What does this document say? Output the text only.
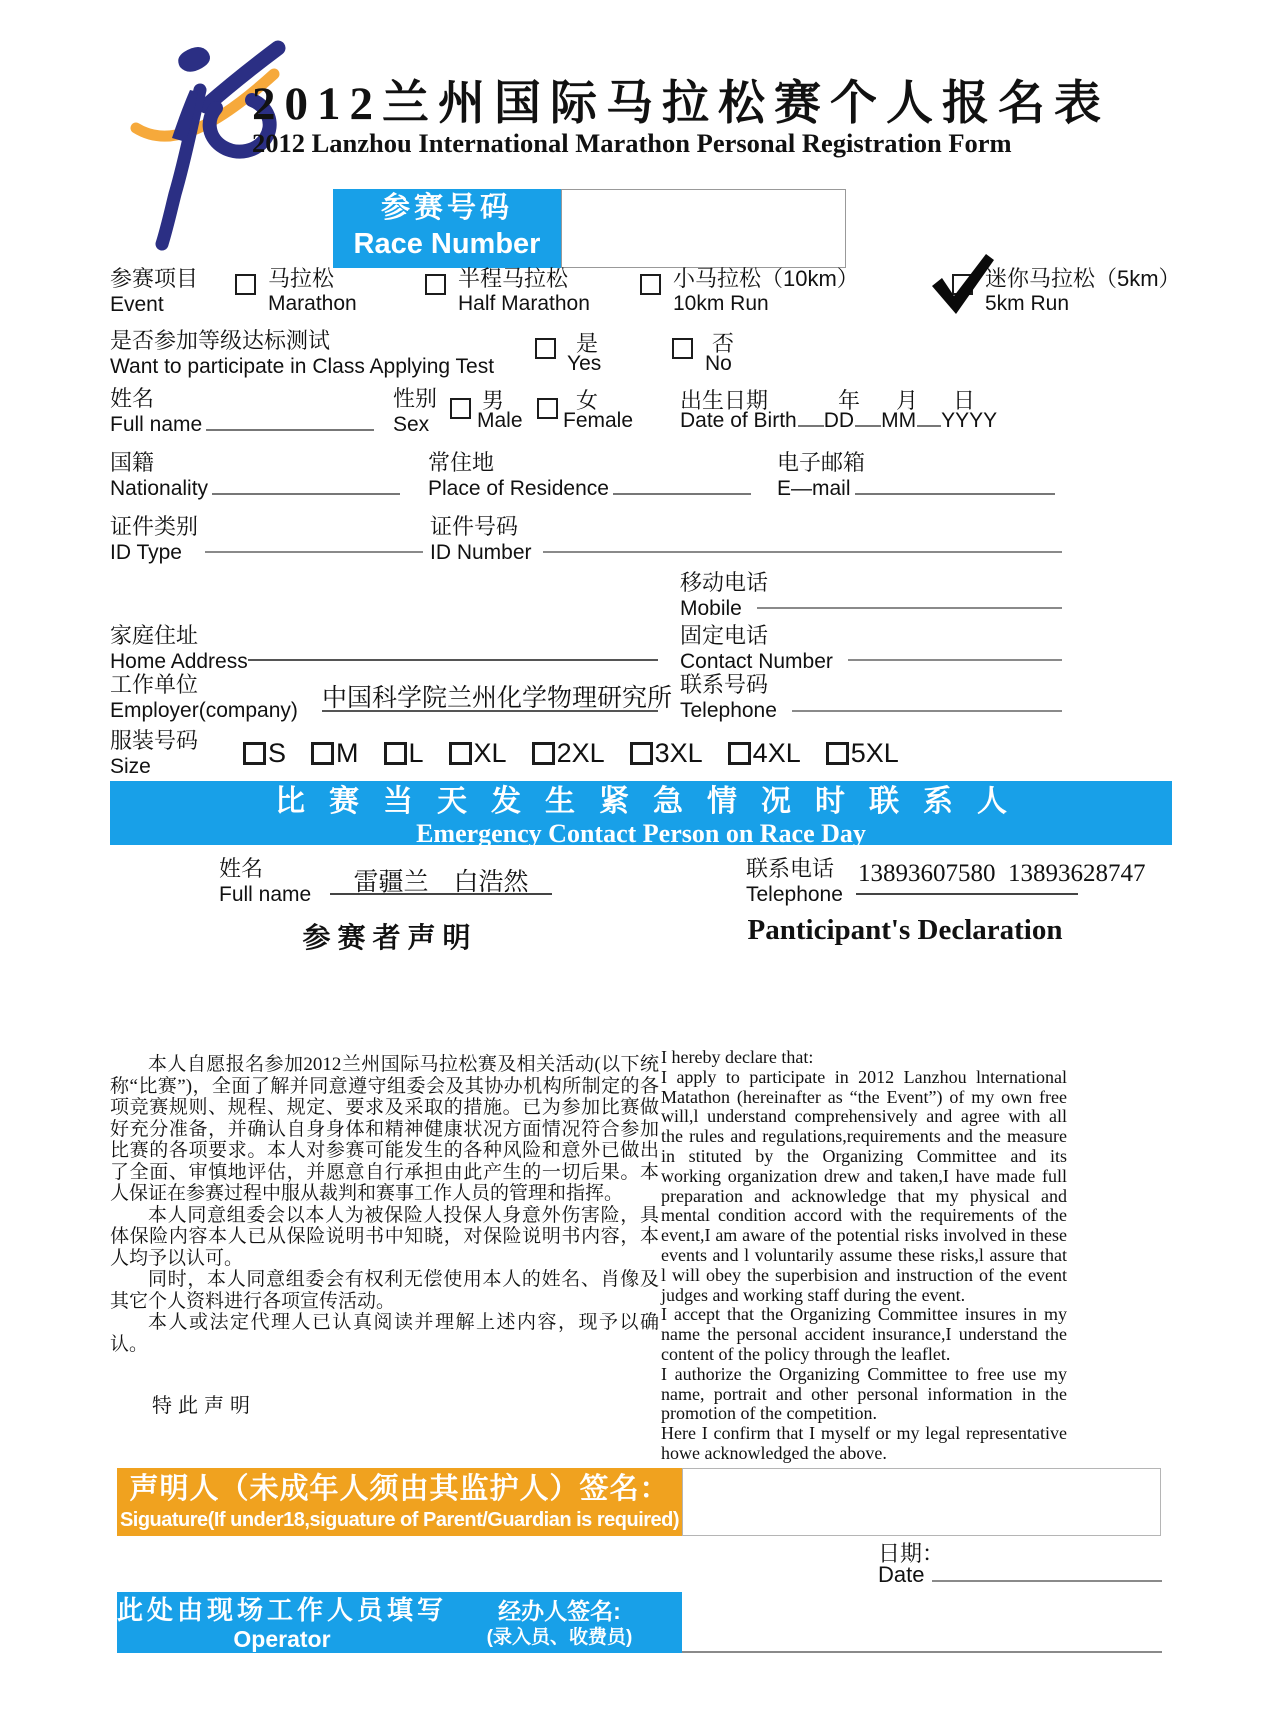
2012兰州国际马拉松赛个人报名表
2012 Lanzhou International Marathon Personal Registration Form
参赛号码
Race Number
参赛项目
Event
马拉松
Marathon
半程马拉松
Half Marathon
小马拉松（10km）
10km Run
迷你马拉松（5km）
5km Run
是否参加等级达标测试
Want to participate in Class Applying Test
是
Yes
否
No
姓名
Full name
性别
Sex
男
Male
女
Female
出生日期	年 月 日
Date of Birth DD MM YYYY
国籍
Nationality
常住地
Place of Residence
电子邮箱
E—mail
证件类别
ID Type
证件号码
ID Number
移动电话
Mobile
家庭住址
Home Address
固定电话
Contact Number
工作单位
Employer(company) 中国科学院兰州化学物理研究所
联系号码
Telephone
服装号码
Size	S M L XL 2XL 3XL 4XL 5XL
比赛当天发生紧急情况时联系人
Emergency Contact Person on Race Day
姓名
Full name	雷疆兰　白浩然
联系电话
Telephone
13893607580  13893628747
参赛者声明	Panticipant's Declaration

本人自愿报名参加2012兰州国际马拉松赛及相关活动(以下统称“比赛”)，全面了解并同意遵守组委会及其协办机构所制定的各项竞赛规则、规程、规定、要求及采取的措施。已为参加比赛做好充分准备，并确认自身身体和精神健康状况方面情况符合参加比赛的各项要求。本人对参赛可能发生的各种风险和意外已做出了全面、审慎地评估，并愿意自行承担由此产生的一切后果。本人保证在参赛过程中服从裁判和赛事工作人员的管理和指挥。

本人同意组委会以本人为被保险人投保人身意外伤害险，具体保险内容本人已从保险说明书中知晓，对保险说明书内容，本人均予以认可。

同时，本人同意组委会有权利无偿使用本人的姓名、肖像及其它个人资料进行各项宣传活动。

本人或法定代理人已认真阅读并理解上述内容，现予以确认。

特此声明

I hereby declare that:

I apply to participate in 2012 Lanzhou lnternational Matathon (hereinafter as “the Event”) of my own free will,l understand comprehensively and agree with all the rules and regulations,requirements and the measure in stituted by the Organizing Committee and its working organization drew and taken,I have made full preparation and acknowledge that my physical and mental condition accord with the requirements of the event,I am aware of the potential risks involved in these events and l voluntarily assume these risks,l assure that l will obey the superbision and instruction of the event judges and working staff during the event.

I accept that the Organizing Committee insures in my name the personal accident insurance,I understand the content of the policy through the leaflet.

I authorize the Organizing Committee to free use my name, portrait and other personal information in the promotion of the competition.

Here I confirm that I myself or my legal representative howe acknowledged the above.

声明人（未成年人须由其监护人）签名：
Siguature(If under18,siguature of Parent/Guardian is required)
日期：
Date
此处由现场工作人员填写
Operator
经办人签名:
(录入员、收费员)
